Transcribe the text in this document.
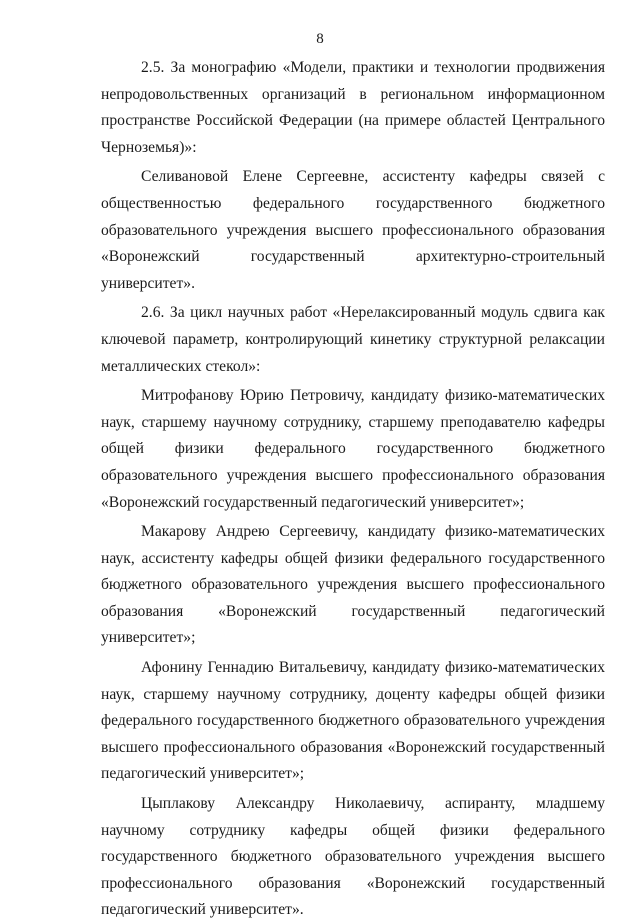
8

2.5. За монографию «Модели, практики и технологии продвижения непродовольственных организаций в региональном информационном пространстве Российской Федерации (на примере областей Центрального Черноземья)»:

Селивановой Елене Сергеевне, ассистенту кафедры связей с общественностью федерального государственного бюджетного образовательного учреждения высшего профессионального образования «Воронежский государственный архитектурно-строительный университет».

2.6. За цикл научных работ «Нерелаксированный модуль сдвига как ключевой параметр, контролирующий кинетику структурной релаксации металлических стекол»:

Митрофанову Юрию Петровичу, кандидату физико-математических наук, старшему научному сотруднику, старшему преподавателю кафедры общей физики федерального государственного бюджетного образовательного учреждения высшего профессионального образования «Воронежский государственный педагогический университет»;

Макарову Андрею Сергеевичу, кандидату физико-математических наук, ассистенту кафедры общей физики федерального государственного бюджетного образовательного учреждения высшего профессионального образования «Воронежский государственный педагогический университет»;

Афонину Геннадию Витальевичу, кандидату физико-математических наук, старшему научному сотруднику, доценту кафедры общей физики федерального государственного бюджетного образовательного учреждения высшего профессионального образования «Воронежский государственный педагогический университет»;

Цыплакову Александру Николаевичу, аспиранту, младшему научному сотруднику кафедры общей физики федерального государственного бюджетного образовательного учреждения высшего профессионального образования «Воронежский государственный педагогический университет».
